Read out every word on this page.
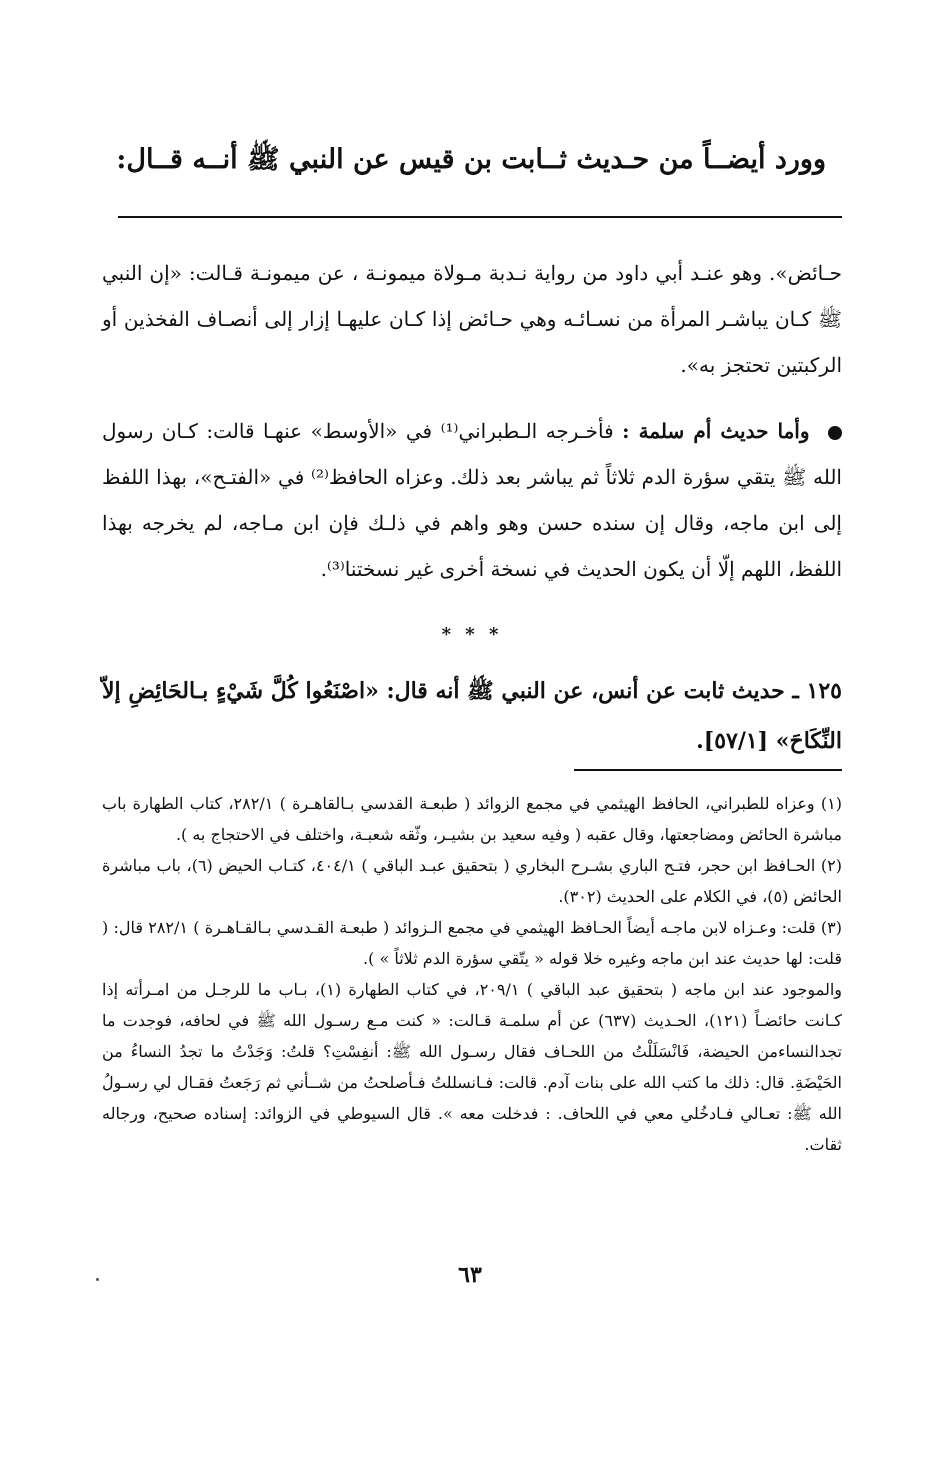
وورد أيضــاً من حـديث ثــابت بن قيس عن النبي ﷺ أنــه قــال:

حـائض». وهو عنـد أبي داود من رواية نـدبة مـولاة ميمونـة ، عن ميمونـة قـالت: «إن النبي ﷺ كـان يباشـر المرأة من نسـائـه وهي حـائض إذا كـان عليهـا إزار إلى أنصـاف الفخذين أو الركبتين تحتجز به».

وأما حديث أم سلمة : فأخـرجه الـطبراني⁽¹⁾ في «الأوسط» عنهـا قالت: كـان رسول الله ﷺ يتقي سؤرة الدم ثلاثاً ثم يباشر بعد ذلك. وعزاه الحافظ⁽²⁾ في «الفتـح»، بهذا اللفظ إلى ابن ماجه، وقال إن سنده حسن وهو واهم في ذلـك فإن ابن مـاجه، لم يخرجه بهذا اللفظ، اللهم إلّا أن يكون الحديث في نسخة أخرى غير نسختنا⁽³⁾.

* * *

١٢٥ ـ حديث ثابت عن أنس، عن النبي ﷺ أنه قال: «اصْنَعُوا كُلَّ شَيْءٍ بـالحَائِضِ إلاّ النِّكَاحَ» [٥٧/١].

(١) وعزاه للطبراني، الحافظ الهيثمي في مجمع الزوائد ( طبعـة القدسي بـالقاهـرة ) ٢٨٢/١، كتاب الطهارة باب مباشرة الحائض ومضاجعتها، وقال عقبه ( وفيه سعيد بن بشيـر، وثّقه شعبـة، واختلف في الاحتجاج به ).

(٢) الحـافظ ابن حجر، فتـح الباري بشـرح البخاري ( بتحقيق عبـد الباقي ) ٤٠٤/١، كتـاب الحيض (٦)، باب مباشرة الحائض (٥)، في الكلام على الحديث (٣٠٢).

(٣) قلت: وعـزاه لابن ماجـه أيضاً الحـافظ الهيثمي في مجمع الـزوائد ( طبعـة القـدسي بـالقـاهـرة ) ٢٨٢/١ قال: ( قلت: لها حديث عند ابن ماجه وغيره خلا قوله « يتّقي سؤرة الدم ثلاثاً » ).

والموجود عند ابن ماجه ( بتحقيق عبد الباقي ) ٢٠٩/١، في كتاب الطهارة (١)، بـاب ما للرجـل من امـرأته إذا كـانت حائضـاً (١٢١)، الحـديث (٦٣٧) عن أم سلمـة قـالت: « كنت مـع رسـول الله ﷺ في لحافه، فوجدت ما تجدالنساءمن الحيضة، فَانْسَلَلْتُ من اللحـاف فقال رسـول الله ﷺ: أنفِسْتِ؟ قلتُ: وَجَدْتُ ما تجدُ النساءُ من الحَيْضَةِ. قال: ذلك ما كتب الله على بنات آدم. قالت: فـانسللتُ فـأصلحتُ من شــأني ثم رَجَعتُ فقـال لي رسـولُ الله ﷺ: تعـالي فـادخُلي معي في اللحاف. : فدخلت معه ». قال السيوطي في الزوائد: إسناده صحيح، ورجاله ثقات.

٦٣
